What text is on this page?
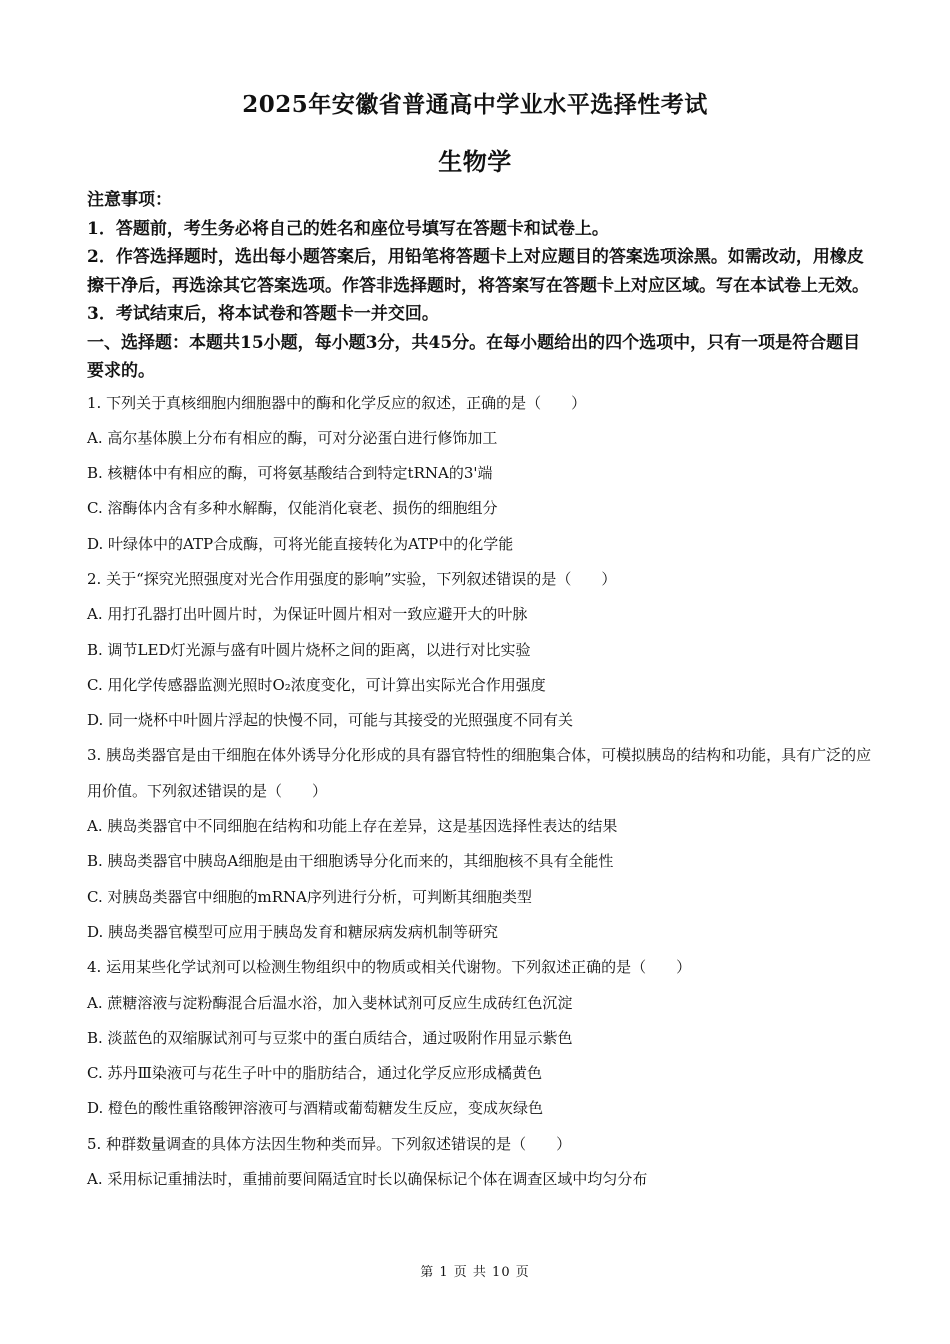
2025年安徽省普通高中学业水平选择性考试
生物学

注意事项：

1．答题前，考生务必将自己的姓名和座位号填写在答题卡和试卷上。

2．作答选择题时，选出每小题答案后，用铅笔将答题卡上对应题目的答案选项涂黑。如需改动，用橡皮擦干净后，再选涂其它答案选项。作答非选择题时，将答案写在答题卡上对应区域。写在本试卷上无效。

3．考试结束后，将本试卷和答题卡一并交回。

一、选择题：本题共15小题，每小题3分，共45分。在每小题给出的四个选项中，只有一项是符合题目要求的。

1. 下列关于真核细胞内细胞器中的酶和化学反应的叙述，正确的是（　　）

A. 高尔基体膜上分布有相应的酶，可对分泌蛋白进行修饰加工

B. 核糖体中有相应的酶，可将氨基酸结合到特定tRNA的3'端

C. 溶酶体内含有多种水解酶，仅能消化衰老、损伤的细胞组分

D. 叶绿体中的ATP合成酶，可将光能直接转化为ATP中的化学能

2. 关于“探究光照强度对光合作用强度的影响”实验，下列叙述错误的是（　　）

A. 用打孔器打出叶圆片时，为保证叶圆片相对一致应避开大的叶脉

B. 调节LED灯光源与盛有叶圆片烧杯之间的距离，以进行对比实验

C. 用化学传感器监测光照时O₂浓度变化，可计算出实际光合作用强度

D. 同一烧杯中叶圆片浮起的快慢不同，可能与其接受的光照强度不同有关

3. 胰岛类器官是由干细胞在体外诱导分化形成的具有器官特性的细胞集合体，可模拟胰岛的结构和功能，具有广泛的应用价值。下列叙述错误的是（　　）

A. 胰岛类器官中不同细胞在结构和功能上存在差异，这是基因选择性表达的结果

B. 胰岛类器官中胰岛A细胞是由干细胞诱导分化而来的，其细胞核不具有全能性

C. 对胰岛类器官中细胞的mRNA序列进行分析，可判断其细胞类型

D. 胰岛类器官模型可应用于胰岛发育和糖尿病发病机制等研究

4. 运用某些化学试剂可以检测生物组织中的物质或相关代谢物。下列叙述正确的是（　　）

A. 蔗糖溶液与淀粉酶混合后温水浴，加入斐林试剂可反应生成砖红色沉淀

B. 淡蓝色的双缩脲试剂可与豆浆中的蛋白质结合，通过吸附作用显示紫色

C. 苏丹Ⅲ染液可与花生子叶中的脂肪结合，通过化学反应形成橘黄色

D. 橙色的酸性重铬酸钾溶液可与酒精或葡萄糖发生反应，变成灰绿色

5. 种群数量调查的具体方法因生物种类而异。下列叙述错误的是（　　）

A. 采用标记重捕法时，重捕前要间隔适宜时长以确保标记个体在调查区域中均匀分布

第 1 页 共 10 页
